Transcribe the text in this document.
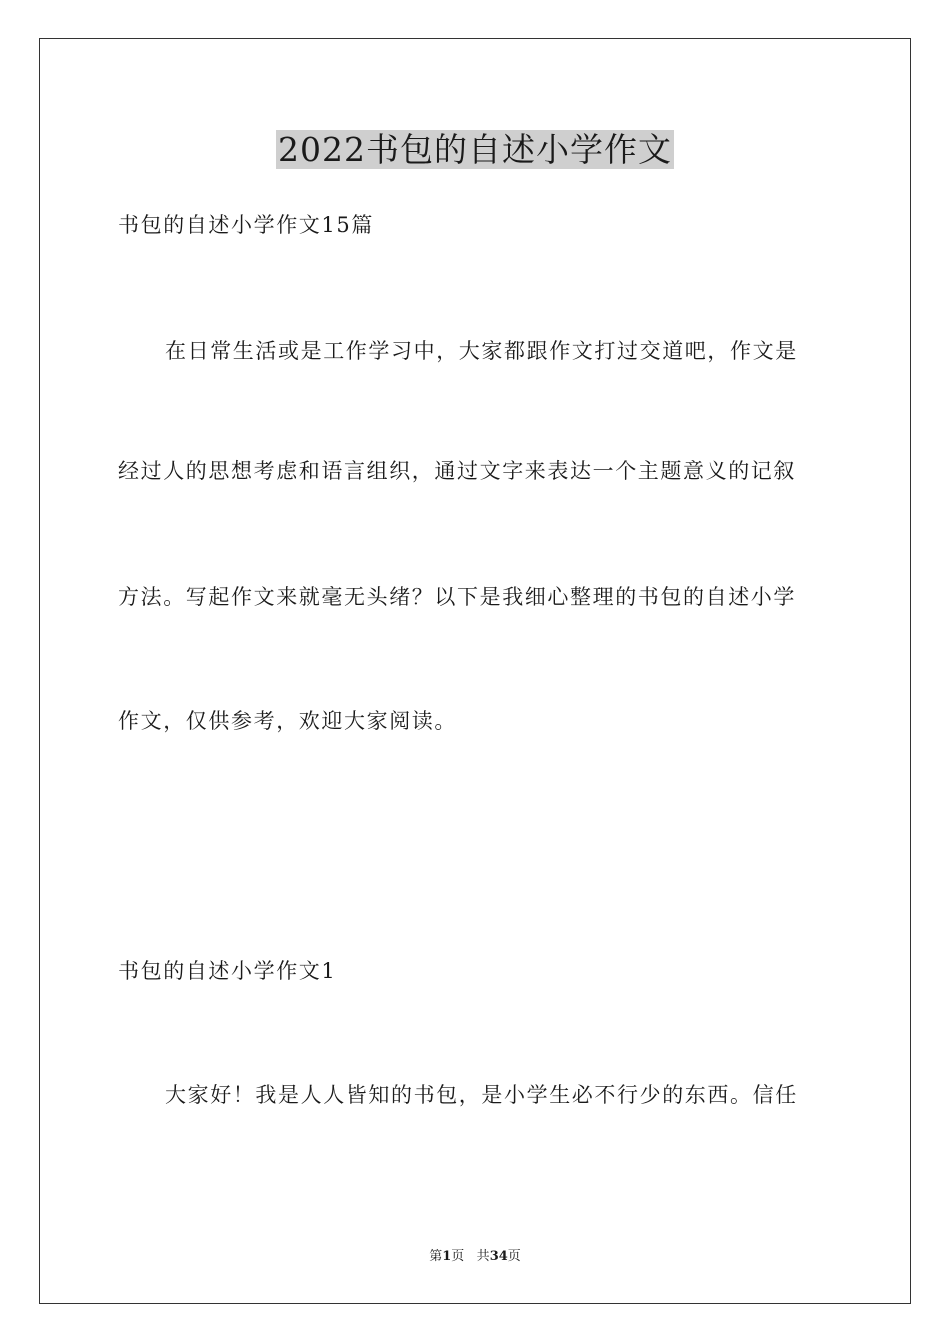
2022书包的自述小学作文
书包的自述小学作文15篇
在日常生活或是工作学习中，大家都跟作文打过交道吧，作文是
经过人的思想考虑和语言组织，通过文字来表达一个主题意义的记叙
方法。写起作文来就毫无头绪？以下是我细心整理的书包的自述小学
作文，仅供参考，欢迎大家阅读。
书包的自述小学作文1
大家好！我是人人皆知的书包，是小学生必不行少的东西。信任
第1页 共34页
